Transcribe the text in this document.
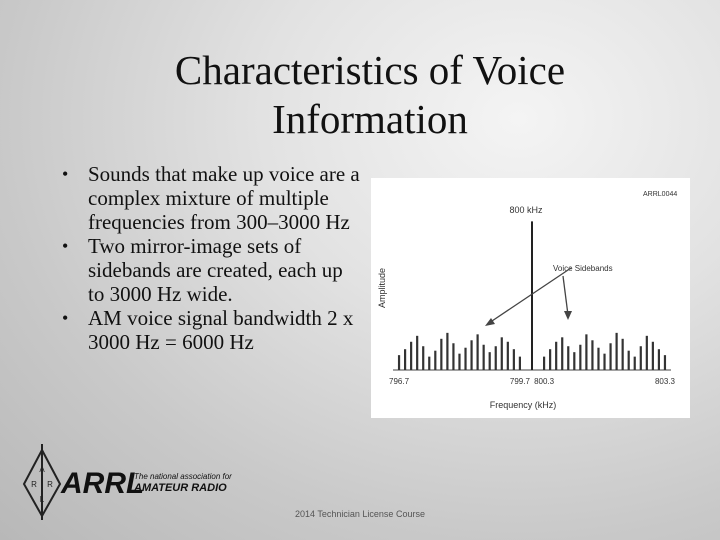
Characteristics of Voice
Information
• Sounds that make up voice are a complex mixture of multiple frequencies from 300–3000 Hz
• Two mirror-image sets of sidebands are created, each up to 3000 Hz wide.
• AM voice signal bandwidth 2 x 3000 Hz = 6000 Hz
ARRL0044
800 kHz
Voice Sidebands
Amplitude
Frequency (kHz)
796.7	799.7 800.3	803.3
A
R R
L ARRL
The national association for
AMATEUR RADIO
2014 Technician License Course
